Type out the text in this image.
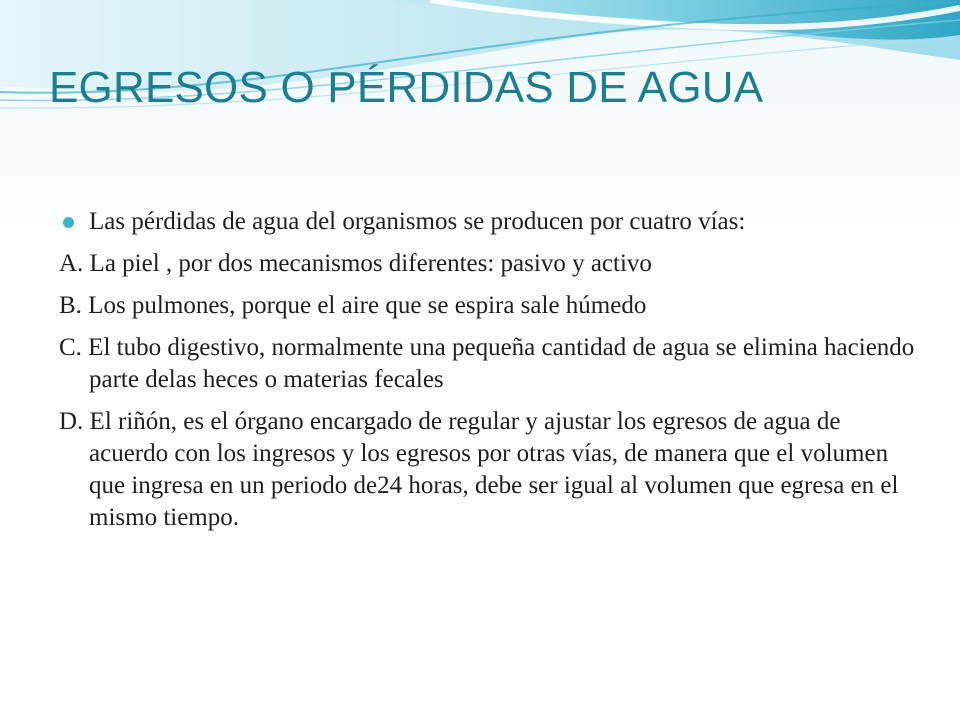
EGRESOS O PÉRDIDAS DE AGUA

Las pérdidas de agua del organismos se producen por cuatro vías:

A. La piel , por dos mecanismos diferentes: pasivo y activo

B. Los pulmones, porque el aire que se espira sale húmedo

C. El tubo digestivo, normalmente una pequeña cantidad de agua se elimina haciendo parte delas heces o materias fecales

D. El riñón, es el órgano encargado de regular y ajustar los egresos de agua de acuerdo con los ingresos y los egresos por otras vías, de manera que el volumen que ingresa en un periodo de24 horas, debe ser igual al volumen que egresa en el mismo tiempo.
